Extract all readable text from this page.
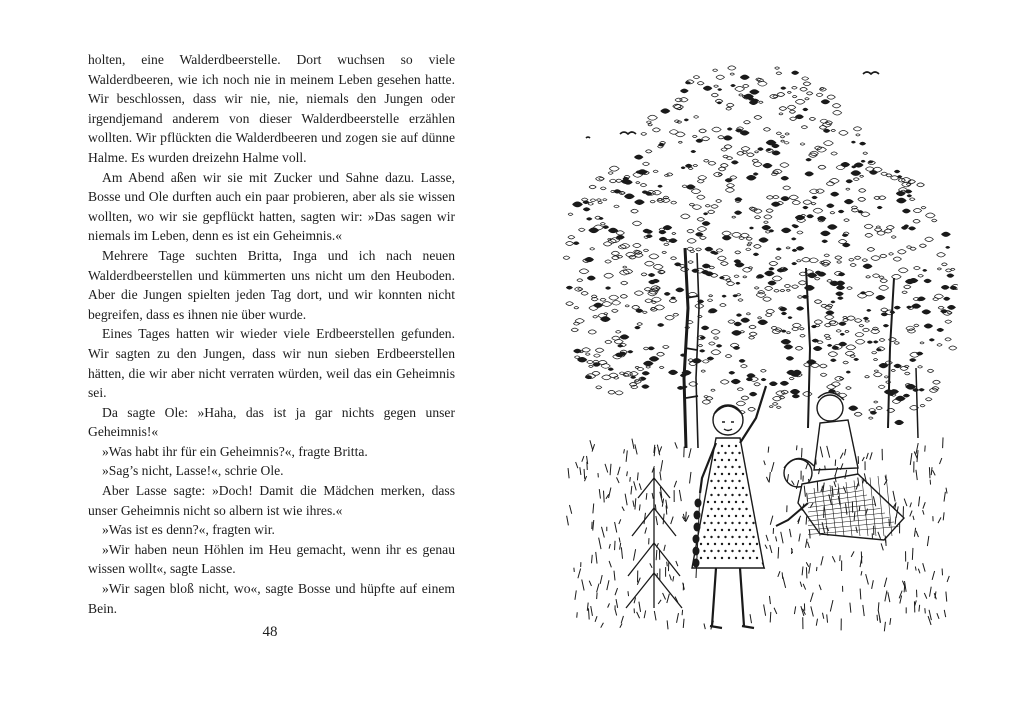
holten, eine Walderdbeerstelle. Dort wuchsen so viele Walderdbeeren, wie ich noch nie in meinem Leben gesehen hatte. Wir beschlossen, dass wir nie, nie, niemals den Jungen oder irgendjemand anderem von dieser Walderdbeerstelle erzählen wollten. Wir pflückten die Walderdbeeren und zogen sie auf dünne Halme. Es wurden dreizehn Halme voll.

Am Abend aßen wir sie mit Zucker und Sahne dazu. Lasse, Bosse und Ole durften auch ein paar probieren, aber als sie wissen wollten, wo wir sie gepflückt hatten, sagten wir: »Das sagen wir niemals im Leben, denn es ist ein Geheimnis.«

Mehrere Tage suchten Britta, Inga und ich nach neuen Walderdbeerstellen und kümmerten uns nicht um den Heuboden. Aber die Jungen spielten jeden Tag dort, und wir konnten nicht begreifen, dass es ihnen nie über wurde.

Eines Tages hatten wir wieder viele Erdbeerstellen gefunden. Wir sagten zu den Jungen, dass wir nun sieben Erdbeerstellen hätten, die wir aber nicht verraten würden, weil das ein Geheimnis sei.

Da sagte Ole: »Haha, das ist ja gar nichts gegen unser Geheimnis!«

»Was habt ihr für ein Geheimnis?«, fragte Britta.

»Sag’s nicht, Lasse!«, schrie Ole.

Aber Lasse sagte: »Doch! Damit die Mädchen merken, dass unser Geheimnis nicht so albern ist wie ihres.«

»Was ist es denn?«, fragten wir.

»Wir haben neun Höhlen im Heu gemacht, wenn ihr es genau wissen wollt«, sagte Lasse.

»Wir sagen bloß nicht, wo«, sagte Bosse und hüpfte auf einem Bein.

48
